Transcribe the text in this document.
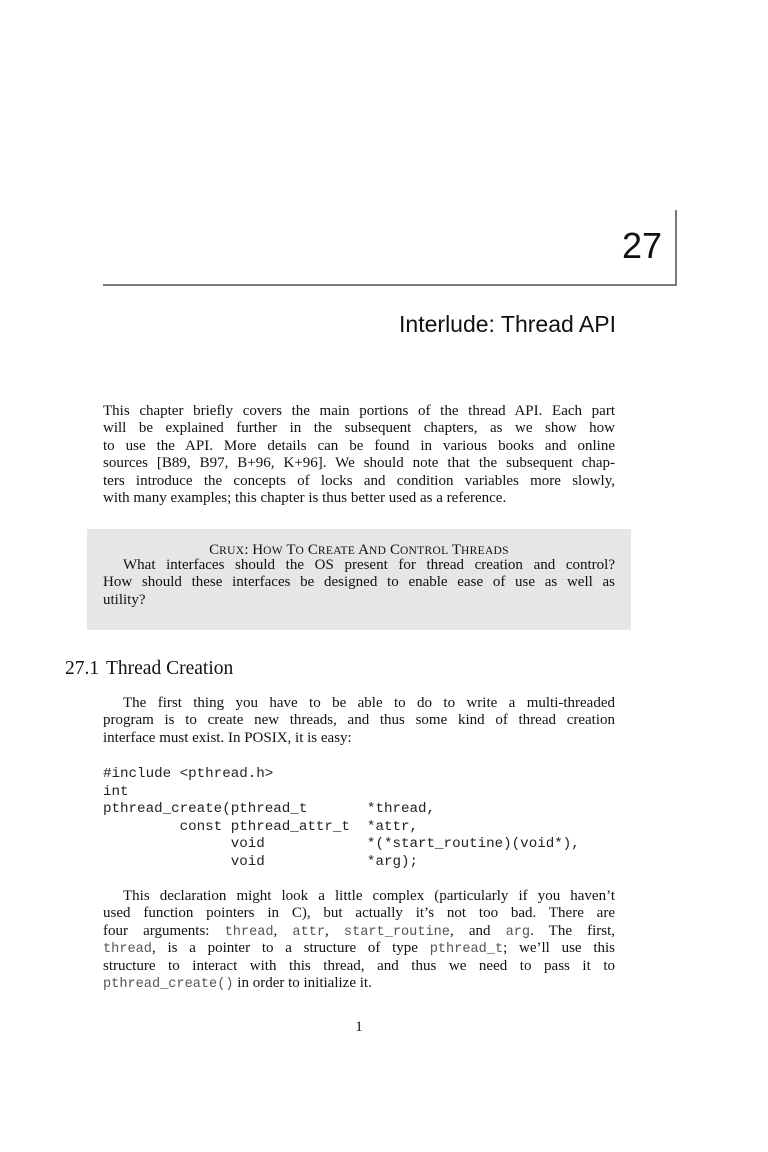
27
Interlude: Thread API
This chapter briefly covers the main portions of the thread API. Each part
will be explained further in the subsequent chapters, as we show how
to use the API. More details can be found in various books and online
sources [B89, B97, B+96, K+96]. We should note that the subsequent chap-
ters introduce the concepts of locks and condition variables more slowly,
with many examples; this chapter is thus better used as a reference.
CRUX: HOW TO CREATE AND CONTROL THREADS
What interfaces should the OS present for thread creation and control?
How should these interfaces be designed to enable ease of use as well as
utility?
27.1 Thread Creation
The first thing you have to be able to do to write a multi-threaded
program is to create new threads, and thus some kind of thread creation
interface must exist. In POSIX, it is easy:
#include <pthread.h>
int
pthread_create(pthread_t       *thread,
const pthread_attr_t  *attr,
void            *(*start_routine)(void*),
void            *arg);
This declaration might look a little complex (particularly if you haven’t
used function pointers in C), but actually it’s not too bad. There are
four arguments: thread, attr, start_routine, and arg. The first,
thread, is a pointer to a structure of type pthread_t; we’ll use this
structure to interact with this thread, and thus we need to pass it to
pthread_create() in order to initialize it.
1
